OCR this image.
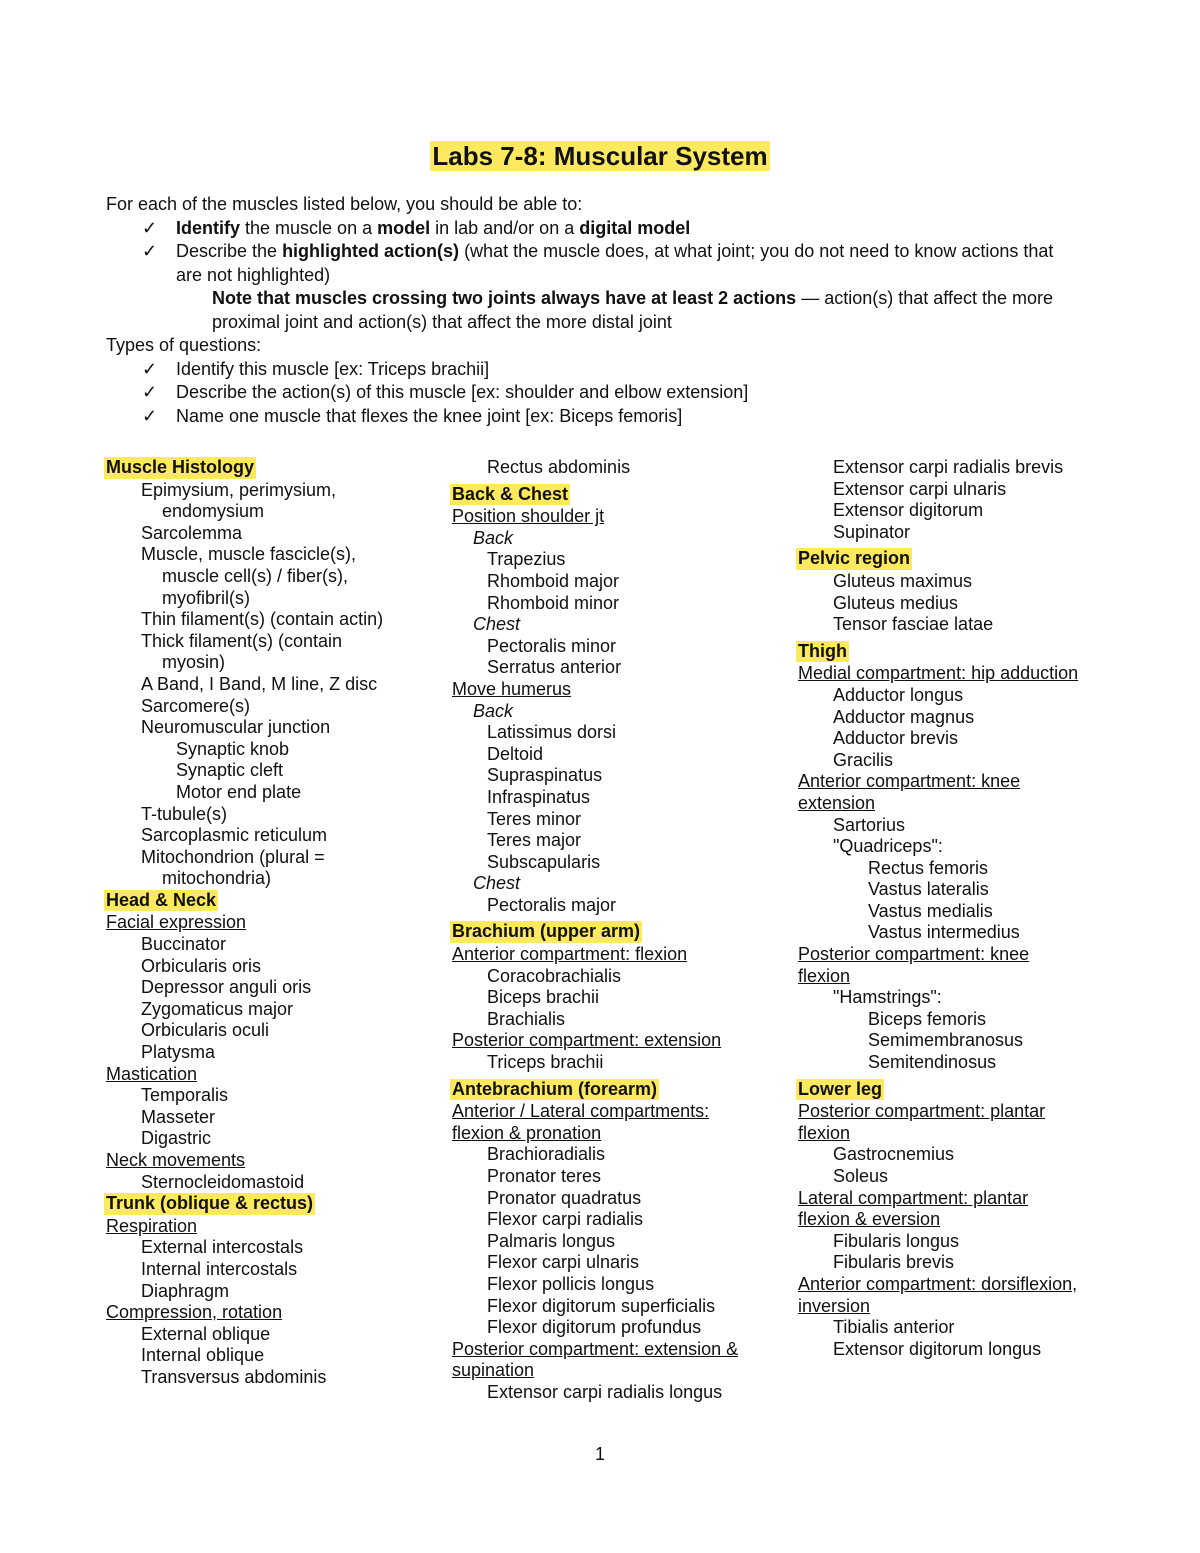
Labs 7-8: Muscular System
For each of the muscles listed below, you should be able to:
✓ Identify the muscle on a model in lab and/or on a digital model
✓ Describe the highlighted action(s) (what the muscle does, at what joint; you do not need to know actions that
are not highlighted)
Note that muscles crossing two joints always have at least 2 actions — action(s) that affect the more
proximal joint and action(s) that affect the more distal joint
Types of questions:
✓ Identify this muscle [ex: Triceps brachii]
✓ Describe the action(s) of this muscle [ex: shoulder and elbow extension]
✓ Name one muscle that flexes the knee joint [ex: Biceps femoris]
Muscle Histology
Epimysium, perimysium,
endomysium
Sarcolemma
Muscle, muscle fascicle(s),
muscle cell(s) / fiber(s),
myofibril(s)
Thin filament(s) (contain actin)
Thick filament(s) (contain
myosin)
A Band, I Band, M line, Z disc
Sarcomere(s)
Neuromuscular junction
Synaptic knob
Synaptic cleft
Motor end plate
T-tubule(s)
Sarcoplasmic reticulum
Mitochondrion (plural =
mitochondria)
Head & Neck
Facial expression
Buccinator
Orbicularis oris
Depressor anguli oris
Zygomaticus major
Orbicularis oculi
Platysma
Mastication
Temporalis
Masseter
Digastric
Neck movements
Sternocleidomastoid
Trunk (oblique & rectus)
Respiration
External intercostals
Internal intercostals
Diaphragm
Compression, rotation
External oblique
Internal oblique
Transversus abdominis
Rectus abdominis
Back & Chest
Position shoulder jt
Back
Trapezius
Rhomboid major
Rhomboid minor
Chest
Pectoralis minor
Serratus anterior
Move humerus
Back
Latissimus dorsi
Deltoid
Supraspinatus
Infraspinatus
Teres minor
Teres major
Subscapularis
Chest
Pectoralis major
Brachium (upper arm)
Anterior compartment: flexion
Coracobrachialis
Biceps brachii
Brachialis
Posterior compartment: extension
Triceps brachii
Antebrachium (forearm)
Anterior / Lateral compartments:
flexion & pronation
Brachioradialis
Pronator teres
Pronator quadratus
Flexor carpi radialis
Palmaris longus
Flexor carpi ulnaris
Flexor pollicis longus
Flexor digitorum superficialis
Flexor digitorum profundus
Posterior compartment: extension &
supination
Extensor carpi radialis longus
Extensor carpi radialis brevis
Extensor carpi ulnaris
Extensor digitorum
Supinator
Pelvic region
Gluteus maximus
Gluteus medius
Tensor fasciae latae
Thigh
Medial compartment: hip adduction
Adductor longus
Adductor magnus
Adductor brevis
Gracilis
Anterior compartment: knee
extension
Sartorius
"Quadriceps":
Rectus femoris
Vastus lateralis
Vastus medialis
Vastus intermedius
Posterior compartment: knee
flexion
"Hamstrings":
Biceps femoris
Semimembranosus
Semitendinosus
Lower leg
Posterior compartment: plantar
flexion
Gastrocnemius
Soleus
Lateral compartment: plantar
flexion & eversion
Fibularis longus
Fibularis brevis
Anterior compartment: dorsiflexion,
inversion
Tibialis anterior
Extensor digitorum longus
1
